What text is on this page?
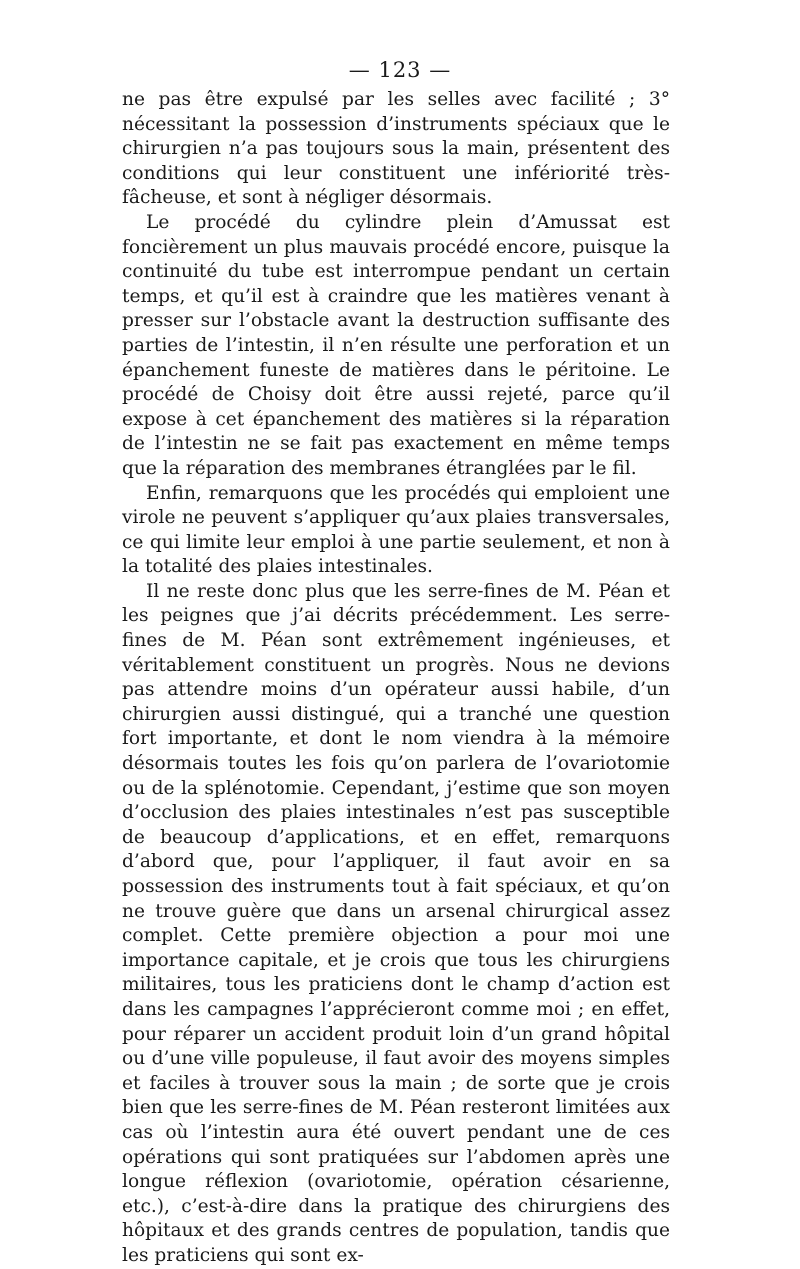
— 123 —

ne pas être expulsé par les selles avec facilité ; 3° nécessitant la possession d’instruments spéciaux que le chirurgien n’a pas toujours sous la main, présentent des conditions qui leur constituent une infériorité très-fâcheuse, et sont à négliger désormais.

Le procédé du cylindre plein d’Amussat est foncièrement un plus mauvais procédé encore, puisque la continuité du tube est interrompue pendant un certain temps, et qu’il est à craindre que les matières venant à presser sur l’obstacle avant la destruction suffisante des parties de l’intestin, il n’en résulte une perforation et un épanchement funeste de matières dans le péritoine. Le procédé de Choisy doit être aussi rejeté, parce qu’il expose à cet épanchement des matières si la réparation de l’intestin ne se fait pas exactement en même temps que la réparation des membranes étranglées par le fil.

Enfin, remarquons que les procédés qui emploient une virole ne peuvent s’appliquer qu’aux plaies transversales, ce qui limite leur emploi à une partie seulement, et non à la totalité des plaies intestinales.

Il ne reste donc plus que les serre-fines de M. Péan et les peignes que j’ai décrits précédemment. Les serre-fines de M. Péan sont extrêmement ingénieuses, et véritablement constituent un progrès. Nous ne devions pas attendre moins d’un opérateur aussi habile, d’un chirurgien aussi distingué, qui a tranché une question fort importante, et dont le nom viendra à la mémoire désormais toutes les fois qu’on parlera de l’ovariotomie ou de la splénotomie. Cependant, j’estime que son moyen d’occlusion des plaies intestinales n’est pas susceptible de beaucoup d’applications, et en effet, remarquons d’abord que, pour l’appliquer, il faut avoir en sa possession des instruments tout à fait spéciaux, et qu’on ne trouve guère que dans un arsenal chirurgical assez complet. Cette première objection a pour moi une importance capitale, et je crois que tous les chirurgiens militaires, tous les praticiens dont le champ d’action est dans les campagnes l’apprécieront comme moi ; en effet, pour réparer un accident produit loin d’un grand hôpital ou d’une ville populeuse, il faut avoir des moyens simples et faciles à trouver sous la main ; de sorte que je crois bien que les serre-fines de M. Péan resteront limitées aux cas où l’intestin aura été ouvert pendant une de ces opérations qui sont pratiquées sur l’abdomen après une longue réflexion (ovariotomie, opération césarienne, etc.), c’est-à-dire dans la pratique des chirurgiens des hôpitaux et des grands centres de population, tandis que les praticiens qui sont ex-
